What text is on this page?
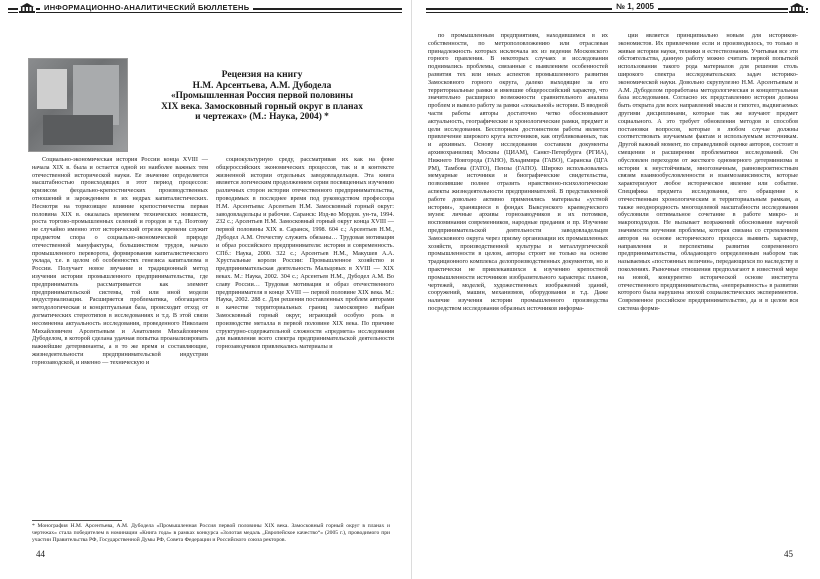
ИНФОРМАЦИОННО-АНАЛИТИЧЕСКИЙ БЮЛЛЕТЕНЬ
Рецензия на книгу
Н.М. Арсентьева, А.М. Дубодела
«Промышленная Россия первой половины
XIX века. Замосковный горный округ в планах
и чертежах» (М.: Наука, 2004) *

Социально-экономическая история России конца XVIII — начала XIX в. была и остается одной из наиболее важных тем отечественной исторической науки. Ее значение определяется масштабностью происходящих в этот период процессов: кризисом феодально-крепостнических производственных отношений и зарождением в их недрах капиталистических. Несмотря на тормозящее влияние крепостничества первая половина XIX в. оказалась временем технических новшеств, роста торгово-промышленных селений и городов и т.д. Поэтому не случайно именно этот исторический отрезок времени служит предметом спора о социально-экономической природе отечественной мануфактуры, большинством трудов, начало промышленного переворота, формирования капиталистического уклада, т.е. в целом об особенностях генезиса капитализма в России. Получает новое звучание и традиционный метод изучения истории промышленного предпринимательства, где предприниматель рассматривается как элемент предпринимательской системы, той или иной модели индустриализации. Расширяется проблематика, обогащается методологическая и концептуальная база, происходит отход от догматических стереотипов в исследованиях и т.д. В этой связи несомненна актуальность исследования, проведенного Николаем Михайловичем Арсентьевым и Анатолием Михайловичем Дубоделом, в которой сделана удачная попытка проанализировать важнейшие детерминанты, а в то же время и составляющие, жизнедеятельности предпринимательской индустрии горнозаводской, и именно — техническую и

социокультурную среду, рассматривая их как на фоне общероссийских экономических процессов, так и в контексте жизненной истории отдельных заводовладельцев. Эта книга является логическим продолжением серии посвященных изучению различных сторон истории отечественного предпринимательства, проводимых в последнее время под руководством профессора Н.М. Арсентьева: Арсентьев Н.М. Замосковный горный округ: заводовладельцы и рабочие. Саранск: Изд-во Мордов. ун-та, 1994. 232 с.; Арсентьев Н.М. Замосковный горный округ конца XVIII — первой половины XIX в. Саранск, 1998. 604 с.; Арсентьев Н.М., Дубодел А.М. Отечеству служить обязаны… Трудовая мотивация и образ российского предпринимателя: история и современность. СПб.: Наука, 2000. 322 с.; Арсентьев Н.М., Макушев А.А. Хрустальные короли России: Промышленное хозяйство и предпринимательская деятельность Мальцовых в XVIII — XIX веках. М.: Наука, 2002. 304 с.; Арсентьев Н.М., Дубодел А.М. Во славу России… Трудовая мотивация и образ отечественного предпринимателя в конце XVIII — первой половине XIX века. М.: Наука, 2002. 288 с. Для решения поставленных проблем авторами в качестве территориальных границ замосковрно выбран Замосковный горный округ, играющий особую роль в производстве металла в первой половине XIX века. По причине структурно-содержательной сложности «предмета» исследования для выявления всего спектра предпринимательской деятельности горнозаводчиков привлекались материалы и

* Монография Н.М. Арсентьева, А.М. Дубодела «Промышленная Россия первой половины XIX века. Замосковный горный округ в планах и чертежах» стала победителем в номинации «Книга года» в рамках конкурса «Золотая медаль „Европейское качество“» (2005 г.), проводимого при участии Правительства РФ, Государственной Думы РФ, Совета Федерации и Российского союза ректоров.
44
№ 1, 2005

по промышленным предприятиям, находившимся в их собственности, по метрополовложению или отраслевая принадлежность которых исключала их из ведения Московского горного правления. В некоторых случаях и исследования поднимались проблемы, связанные с выявлением особенностей развития тех или иных аспектов промышленного развития Замосковного горного округа, далеко выходящие за его территориальные рамки и имевшие общероссийский характер, что значительно расширило возможности сравнительного анализа проблем и вывело работу за рамки «локальной» истории. В вводной части работы авторы достаточно четко обосновывают актуальность, географические и хронологические рамки, предмет и цели исследования. Бесспорным достоинством работы является привлечение широкого круга источников, как опубликованных, так и архивных. Основу исследования составили документы архивохранилищ Москвы (ЦИАМ), Санкт-Петербурга (РГИА), Нижнего Новгорода (ГАНО), Владимира (ГАВО), Саранска (ЦГА РМ), Тамбова (ГАТО), Пензы (ГАПО). Широко использовались мемуарные источники и биографические свидетельства, позволившие полнее отразить нравственно-психологические аспекты жизнедеятельности предпринимателей. В представленной работе довольно активно применялись материалы «устной истории», хранящиеся в фондах Выксунского краеведческого музея: личные архивы горнозаводчиков и их потомков, воспоминания современников, народные предания и пр. Изучение предпринимательской деятельности заводовладельцев Замосковного округа через призму организации их промышленных хозяйств, производственной культуры и металлургической промышленности в целом, авторы строят не только на основе традиционного комплекса делопроизводственных документов, но и практически не привлекавшихся к изучению крепостной промышленности источников изобразительного характера: планов, чертежей, моделей, художественных изображений зданий, сооружений, машин, механизмов, оборудования и т.д. Даже наличие изучения истории промышленного производства посредством исследования образных источников информа-

ции является принципиально новым для историков-экономистов. Их привлечение если и производилось, то только в живые истории науки, техники и естествознания. Учитывая все эти обстоятельства, данную работу можно считать первой попыткой использования такого рода материалов для решения столь широкого спектра исследовательских задач историко-экономической науки. Довольно скрупулезно Н.М. Арсентьевым и А.М. Дубоделом проработана методологическая и концептуальная база исследования. Согласно их представлению история должна быть открыта для всех направлений мысли и гипотез, выдвигаемых другими дисциплинами, которые так же изучают предмет социального. А это требует обновления методов и способов постановки вопросов, которые в любом случае должны соответствовать изучаемым фактам и используемым источникам. Другой важный момент, по справедливой оценке авторов, состоит в смещении и расширении проблематики исследований. Он обусловлен переходом от жесткого одномерного детерминизма в истории к неустойчивым, многозначным, равновероятностным связям взаимообусловленности и взаимозависимости, которые характеризуют любое историческое явление или событие. Специфика предмета исследования, его обращение к отечественным хронологическим и территориальным рамкам, а также неоднородность многоцелевой масштабности исследования обусловили оптимальное сочетание в работе микро- и макроподходов. Не вызывает возражений обоснование научной значимости изучения проблемы, которая связана со стремлением авторов на основе исторического процесса выявить характер, направления и перспективы развития современного предпринимательства, обладающего определенным набором так называемых «постоянных величин», передающихся по наследству в поколениях. Рыночные отношения предполагают в известной мере на новой, конкурентно исторической основе института отечественного предпринимательства, «непрерывность» в развитии которого была нарушена эпохой социалистических экспериментов. Современное российское предпринимательство, да и в целом вся система форми-

45
